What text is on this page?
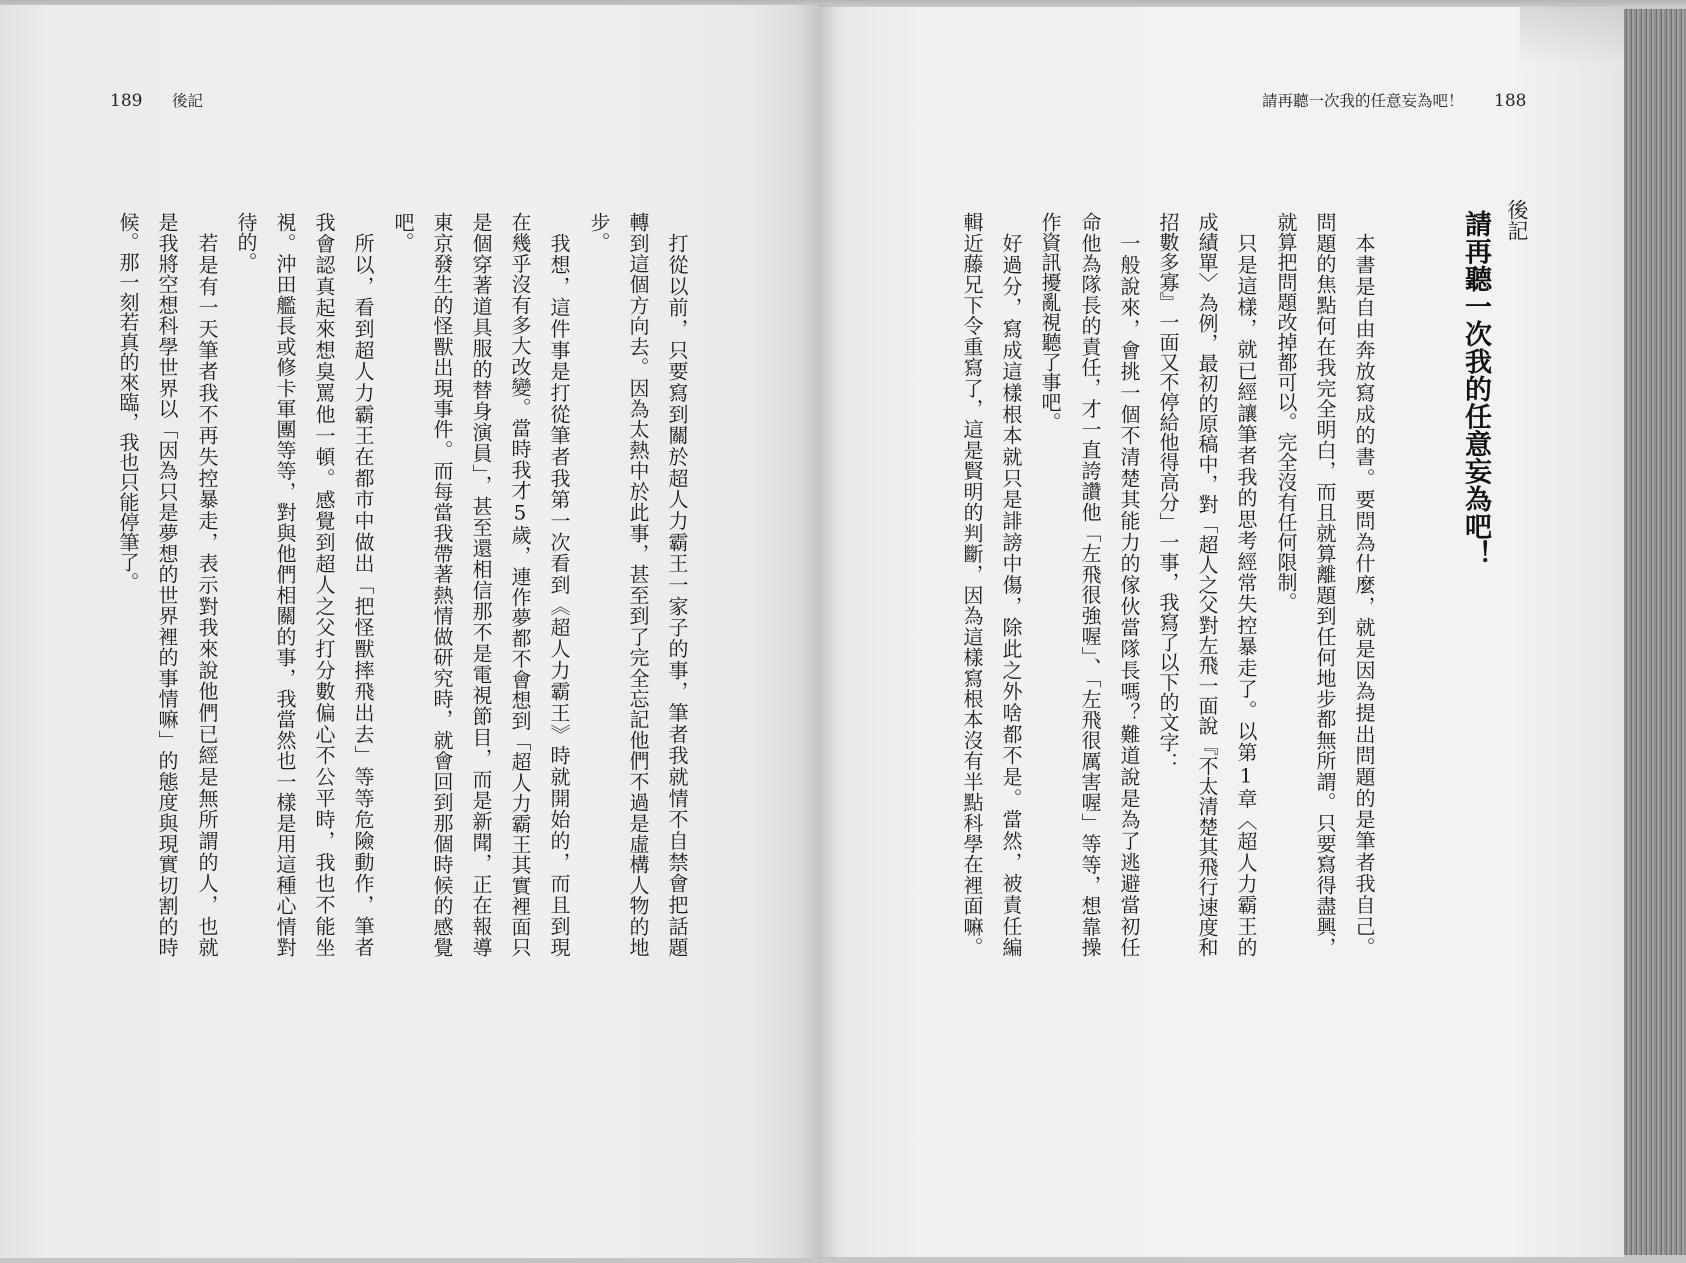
189 後記	請再聽一次我的任意妄為吧！ 188
後記
請再聽一次我的任意妄為吧！
本書是自由奔放寫成的書。要問為什麼，就是因為提出問題的是筆者我自己。
問題的焦點何在我完全明白，而且就算離題到任何地步都無所謂。只要寫得盡興，
就算把問題改掉都可以。完全沒有任何限制。
只是這樣，就已經讓筆者我的思考經常失控暴走了。以第1章〈超人力霸王的
成績單〉為例，最初的原稿中，對「超人之父對左飛一面說『不太清楚其飛行速度和
招數多寡』一面又不停給他得高分」一事，我寫了以下的文字：
一般說來，會挑一個不清楚其能力的傢伙當隊長嗎？難道說是為了逃避當初任
命他為隊長的責任，才一直誇讚他「左飛很強喔」、「左飛很厲害喔」等等，想靠操
作資訊擾亂視聽了事吧。
好過分，寫成這樣根本就只是誹謗中傷，除此之外啥都不是。當然，被責任編
輯近藤兄下令重寫了，這是賢明的判斷，因為這樣寫根本沒有半點科學在裡面嘛。
打從以前，只要寫到關於超人力霸王一家子的事，筆者我就情不自禁會把話題
轉到這個方向去。因為太熱中於此事，甚至到了完全忘記他們不過是虛構人物的地
步。
我想，這件事是打從筆者我第一次看到《超人力霸王》時就開始的，而且到現
在幾乎沒有多大改變。當時我才5歲，連作夢都不會想到「超人力霸王其實裡面只
是個穿著道具服的替身演員」，甚至還相信那不是電視節目，而是新聞，正在報導
東京發生的怪獸出現事件。而每當我帶著熱情做研究時，就會回到那個時候的感覺
吧。
所以，看到超人力霸王在都市中做出「把怪獸摔飛出去」等等危險動作，筆者
我會認真起來想臭罵他一頓。感覺到超人之父打分數偏心不公平時，我也不能坐
視。沖田艦長或修卡軍團等等，對與他們相關的事，我當然也一樣是用這種心情對
待的。
若是有一天筆者我不再失控暴走，表示對我來說他們已經是無所謂的人，也就
是我將空想科學世界以「因為只是夢想的世界裡的事情嘛」的態度與現實切割的時
候。那一刻若真的來臨，我也只能停筆了。
